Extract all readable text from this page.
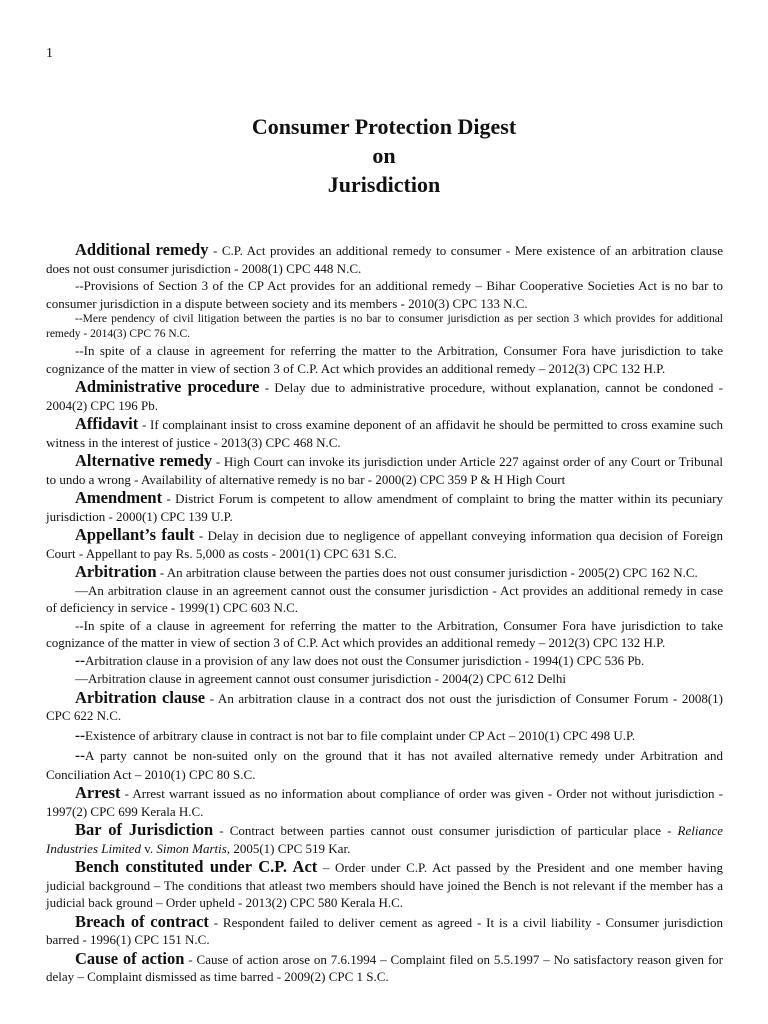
1
Consumer Protection Digest
on
Jurisdiction

Additional remedy - C.P. Act provides an additional remedy to consumer - Mere existence of an arbitration clause does not oust consumer jurisdiction - 2008(1) CPC 448 N.C.

--Provisions of Section 3 of the CP Act provides for an additional remedy – Bihar Cooperative Societies Act is no bar to consumer jurisdiction in a dispute between society and its members - 2010(3) CPC 133 N.C.

--Mere pendency of civil litigation between the parties is no bar to consumer jurisdiction as per section 3 which provides for additional remedy - 2014(3) CPC 76 N.C.

--In spite of a clause in agreement for referring the matter to the Arbitration, Consumer Fora have jurisdiction to take cognizance of the matter in view of section 3 of C.P. Act which provides an additional remedy – 2012(3) CPC 132 H.P.

Administrative procedure - Delay due to administrative procedure, without explanation, cannot be condoned - 2004(2) CPC 196 Pb.

Affidavit - If complainant insist to cross examine deponent of an affidavit he should be permitted to cross examine such witness in the interest of justice - 2013(3) CPC 468 N.C.

Alternative remedy - High Court can invoke its jurisdiction under Article 227 against order of any Court or Tribunal to undo a wrong - Availability of alternative remedy is no bar - 2000(2) CPC 359 P & H High Court

Amendment - District Forum is competent to allow amendment of complaint to bring the matter within its pecuniary jurisdiction - 2000(1) CPC 139 U.P.

Appellant’s fault - Delay in decision due to negligence of appellant conveying information qua decision of Foreign Court - Appellant to pay Rs. 5,000 as costs - 2001(1) CPC 631 S.C.

Arbitration - An arbitration clause between the parties does not oust consumer jurisdiction - 2005(2) CPC 162 N.C.

—An arbitration clause in an agreement cannot oust the consumer jurisdiction - Act provides an additional remedy in case of deficiency in service - 1999(1) CPC 603 N.C.

--In spite of a clause in agreement for referring the matter to the Arbitration, Consumer Fora have jurisdiction to take cognizance of the matter in view of section 3 of C.P. Act which provides an additional remedy – 2012(3) CPC 132 H.P.

--Arbitration clause in a provision of any law does not oust the Consumer jurisdiction - 1994(1) CPC 536 Pb.

—Arbitration clause in agreement cannot oust consumer jurisdiction - 2004(2) CPC 612 Delhi

Arbitration clause - An arbitration clause in a contract dos not oust the jurisdiction of Consumer Forum - 2008(1) CPC 622 N.C.

--Existence of arbitrary clause in contract is not bar to file complaint under CP Act – 2010(1) CPC 498 U.P.

--A party cannot be non-suited only on the ground that it has not availed alternative remedy under Arbitration and Conciliation Act – 2010(1) CPC 80 S.C.

Arrest - Arrest warrant issued as no information about compliance of order was given - Order not without jurisdiction - 1997(2) CPC 699 Kerala H.C.

Bar of Jurisdiction - Contract between parties cannot oust consumer jurisdiction of particular place - Reliance Industries Limited v. Simon Martis, 2005(1) CPC 519 Kar.

Bench constituted under C.P. Act – Order under C.P. Act passed by the President and one member having judicial background – The conditions that atleast two members should have joined the Bench is not relevant if the member has a judicial back ground – Order upheld - 2013(2) CPC 580 Kerala H.C.

Breach of contract - Respondent failed to deliver cement as agreed - It is a civil liability - Consumer jurisdiction barred - 1996(1) CPC 151 N.C.

Cause of action - Cause of action arose on 7.6.1994 – Complaint filed on 5.5.1997 – No satisfactory reason given for delay – Complaint dismissed as time barred - 2009(2) CPC 1 S.C.
